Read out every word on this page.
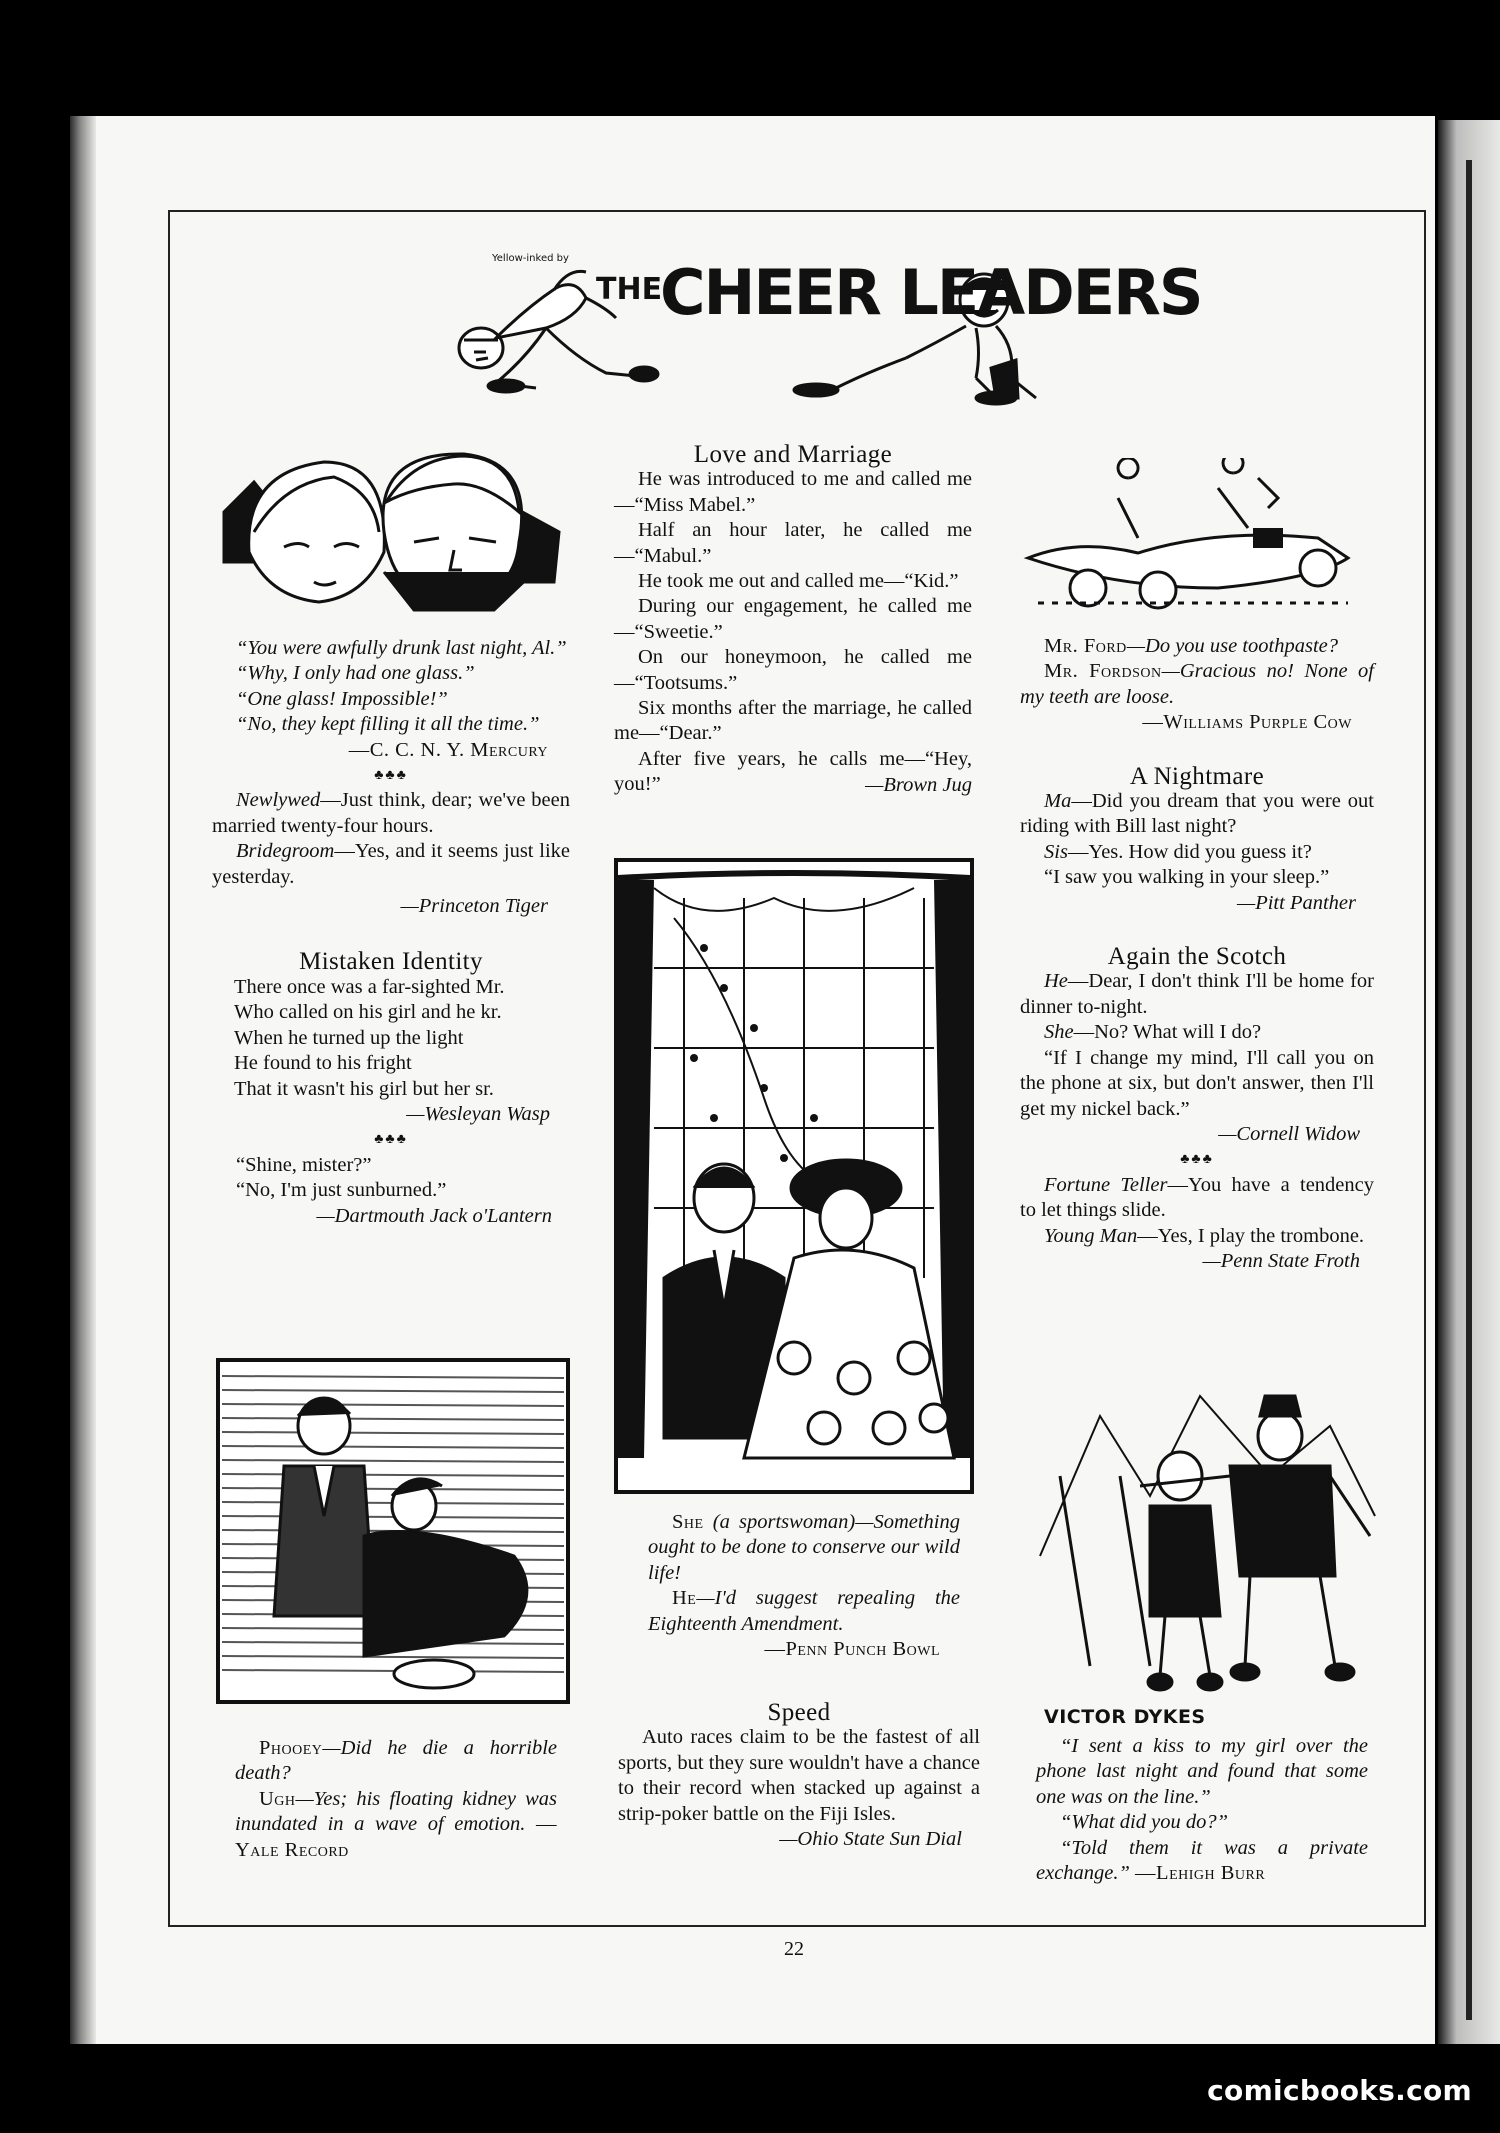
Yellow-inked by
THE
CHEER LEADERS

“You were awfully drunk last night, Al.”

“Why, I only had one glass.”

“One glass! Impossible!”

“No, they kept filling it all the time.”

—C. C. N. Y. Mercury

♣♣♣

Newlywed—Just think, dear; we've been married twenty-four hours.

Bridegroom—Yes, and it seems just like yesterday.

—Princeton Tiger

Mistaken Identity

There once was a far-sighted Mr.

Who called on his girl and he kr.

When he turned up the light

He found to his fright

That it wasn't his girl but her sr.

—Wesleyan Wasp

♣♣♣

“Shine, mister?”

“No, I'm just sunburned.”

—Dartmouth Jack o'Lantern

Phooey—Did he die a horrible death?

Ugh—Yes; his floating kidney was inundated in a wave of emotion. —Yale Record

Love and Marriage

He was introduced to me and called me—“Miss Mabel.”

Half an hour later, he called me—“Mabul.”

He took me out and called me—“Kid.”

During our engagement, he called me—“Sweetie.”

On our honeymoon, he called me—“Tootsums.”

Six months after the marriage, he called me—“Dear.”

After five years, he calls me—“Hey, you!”	—Brown Jug

She (a sportswoman)—Something ought to be done to conserve our wild life!

He—I'd suggest repealing the Eighteenth Amendment.

—Penn Punch Bowl

Speed

Auto races claim to be the fastest of all sports, but they sure wouldn't have a chance to their record when stacked up against a strip-poker battle on the Fiji Isles.

—Ohio State Sun Dial

Mr. Ford—Do you use toothpaste?

Mr. Fordson—Gracious no! None of my teeth are loose.

—Williams Purple Cow

A Nightmare

Ma—Did you dream that you were out riding with Bill last night?

Sis—Yes. How did you guess it?

“I saw you walking in your sleep.”

—Pitt Panther

Again the Scotch

He—Dear, I don't think I'll be home for dinner to-night.

She—No? What will I do?

“If I change my mind, I'll call you on the phone at six, but don't answer, then I'll get my nickel back.”

—Cornell Widow

♣♣♣

Fortune Teller—You have a tendency to let things slide.

Young Man—Yes, I play the trombone.

—Penn State Froth

VICTOR DYKES

“I sent a kiss to my girl over the phone last night and found that some one was on the line.”

“What did you do?”

“Told them it was a private exchange.” —Lehigh Burr

22
comicbooks.com
